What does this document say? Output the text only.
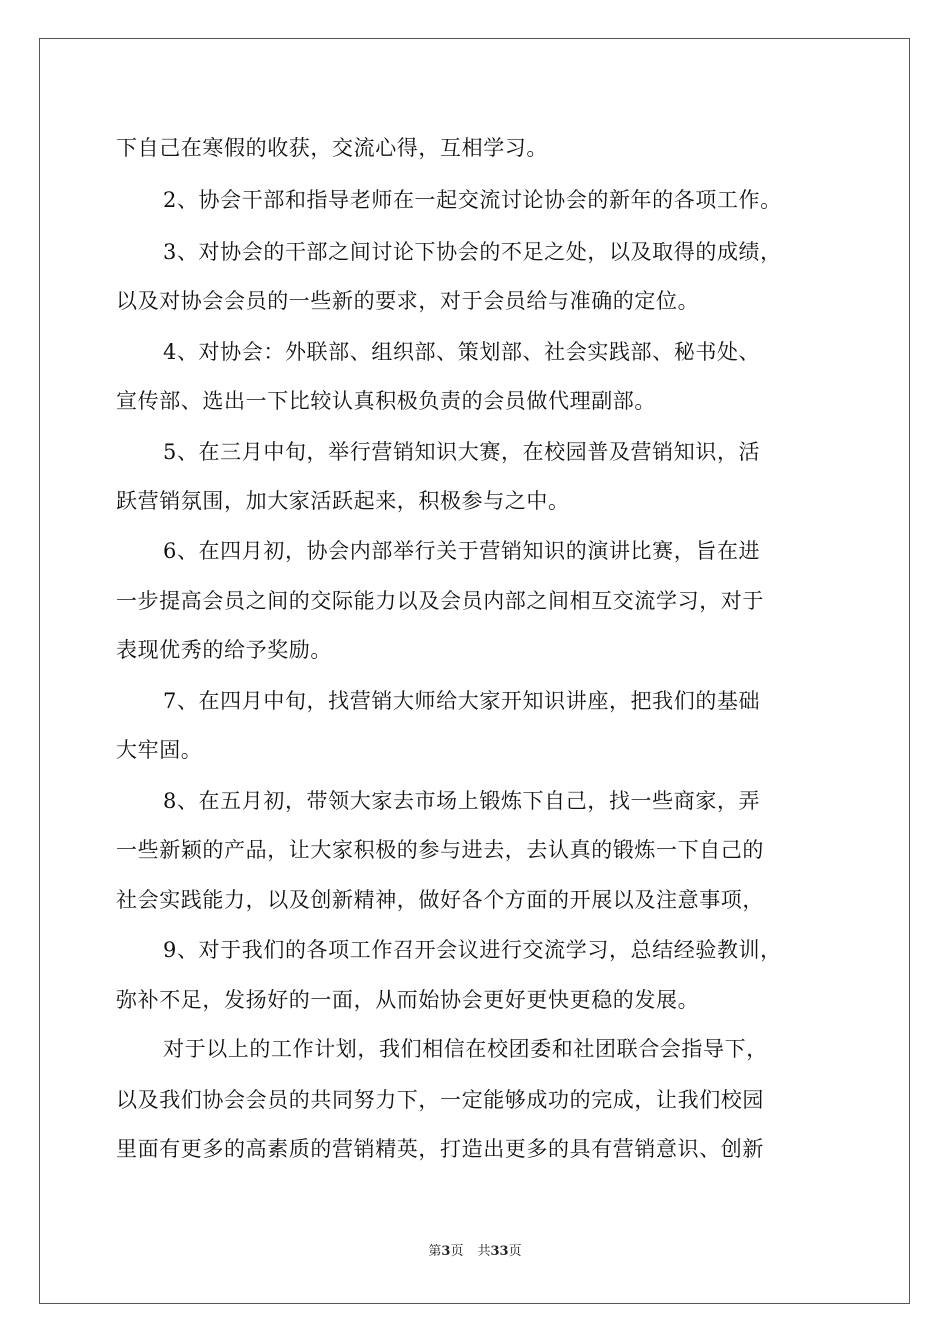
下自己在寒假的收获，交流心得，互相学习。
2、协会干部和指导老师在一起交流讨论协会的新年的各项工作。
3、对协会的干部之间讨论下协会的不足之处，以及取得的成绩，
以及对协会会员的一些新的要求，对于会员给与准确的定位。
4、对协会：外联部、组织部、策划部、社会实践部、秘书处、
宣传部、选出一下比较认真积极负责的会员做代理副部。
5、在三月中旬，举行营销知识大赛，在校园普及营销知识，活
跃营销氛围，加大家活跃起来，积极参与之中。
6、在四月初，协会内部举行关于营销知识的演讲比赛，旨在进
一步提高会员之间的交际能力以及会员内部之间相互交流学习，对于
表现优秀的给予奖励。
7、在四月中旬，找营销大师给大家开知识讲座，把我们的基础
大牢固。
8、在五月初，带领大家去市场上锻炼下自己，找一些商家，弄
一些新颖的产品，让大家积极的参与进去，去认真的锻炼一下自己的
社会实践能力，以及创新精神，做好各个方面的开展以及注意事项，
9、对于我们的各项工作召开会议进行交流学习，总结经验教训，
弥补不足，发扬好的一面，从而始协会更好更快更稳的发展。
对于以上的工作计划，我们相信在校团委和社团联合会指导下，
以及我们协会会员的共同努力下，一定能够成功的完成，让我们校园
里面有更多的高素质的营销精英，打造出更多的具有营销意识、创新
第3页 共33页
